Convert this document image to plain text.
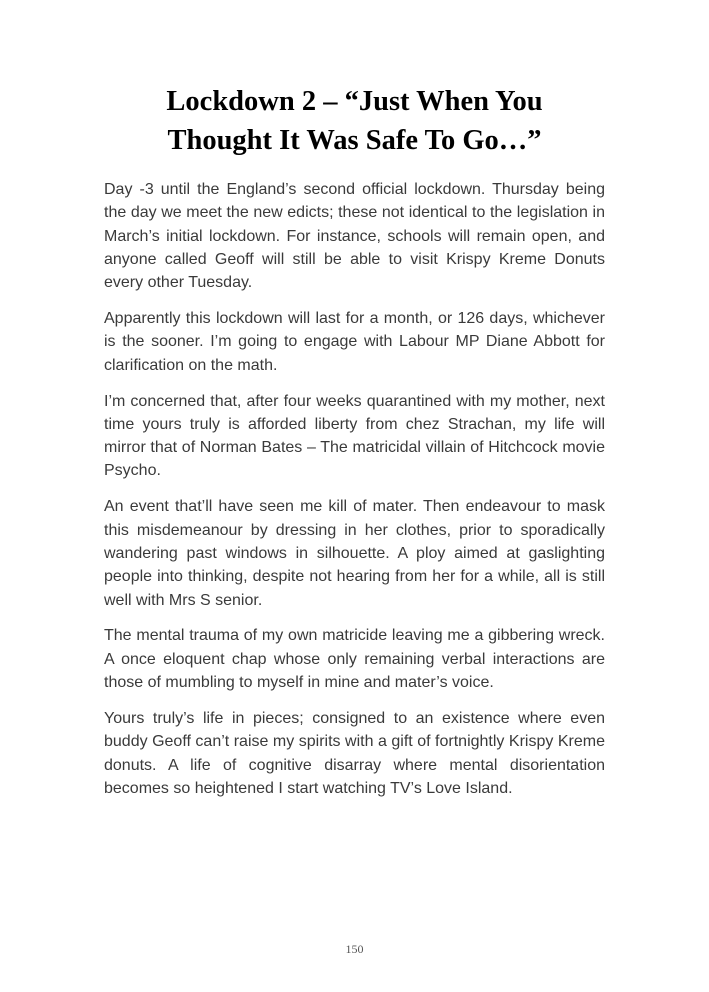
Lockdown 2 – “Just When You
Thought It Was Safe To Go…”

Day -3 until the England’s second official lockdown. Thursday being the day we meet the new edicts; these not identical to the legislation in March’s initial lockdown. For instance, schools will remain open, and anyone called Geoff will still be able to visit Krispy Kreme Donuts every other Tuesday.

Apparently this lockdown will last for a month, or 126 days, whichever is the sooner. I’m going to engage with Labour MP Diane Abbott for clarification on the math.

I’m concerned that, after four weeks quarantined with my mother, next time yours truly is afforded liberty from chez Strachan, my life will mirror that of Norman Bates – The matricidal villain of Hitchcock movie Psycho.

An event that’ll have seen me kill of mater. Then endeavour to mask this misdemeanour by dressing in her clothes, prior to sporadically wandering past windows in silhouette. A ploy aimed at gaslighting people into thinking, despite not hearing from her for a while, all is still well with Mrs S senior.

The mental trauma of my own matricide leaving me a gibbering wreck. A once eloquent chap whose only remaining verbal interactions are those of mumbling to myself in mine and mater’s voice.

Yours truly’s life in pieces; consigned to an existence where even buddy Geoff can’t raise my spirits with a gift of fortnightly Krispy Kreme donuts. A life of cognitive disarray where mental disorientation becomes so heightened I start watching TV’s Love Island.

150
